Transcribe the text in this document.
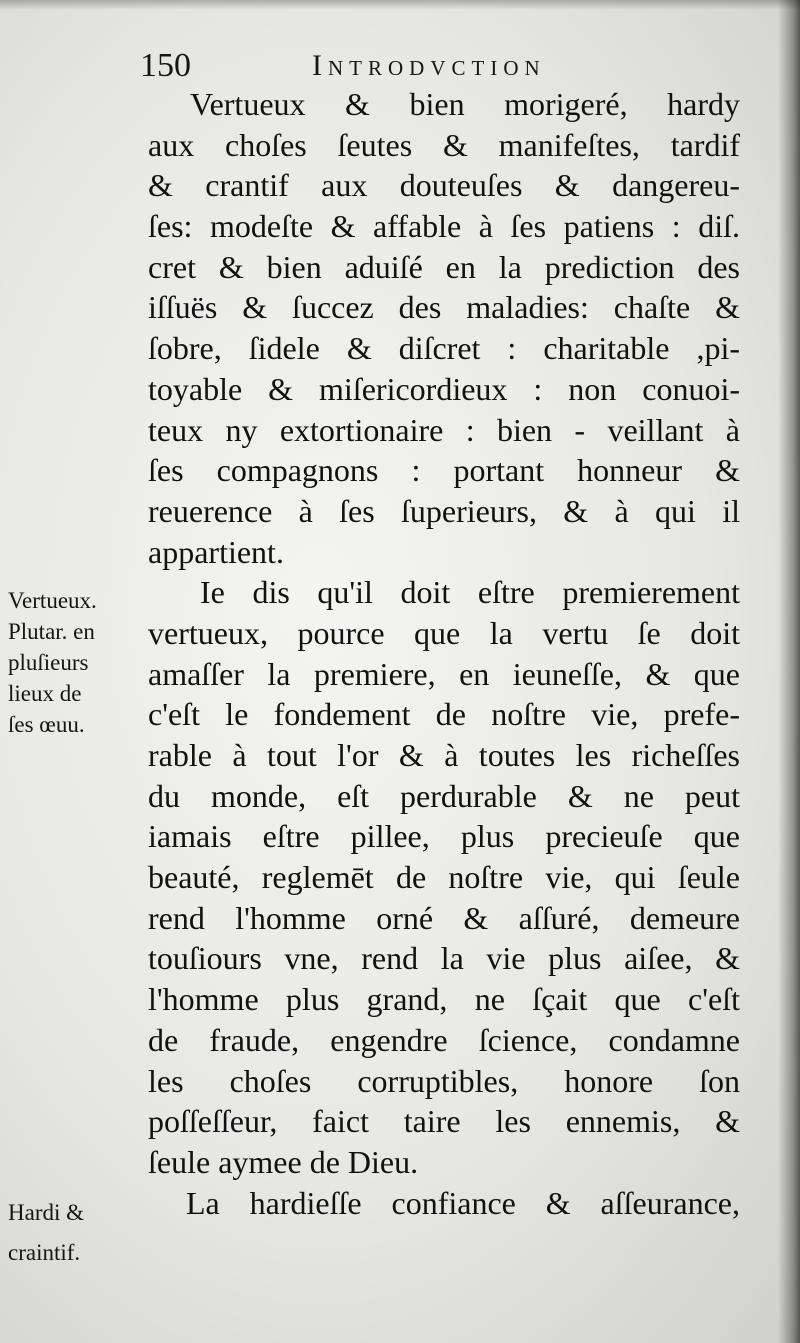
150	Introdvction
Vertueux & bien morigeré, hardy
aux choſes ſeutes & manifeſtes, tardif
& crantif aux douteuſes & dangereu-
ſes: modeſte & affable à ſes patiens : diſ.
cret & bien aduiſé en la prediction des
iſſuës & ſuccez des maladies: chaſte &
ſobre, ſidele & diſcret : charitable ,pi-
toyable & miſericordieux : non conuoi-
teux ny extortionaire : bien - veillant à
ſes compagnons : portant honneur &
reuerence à ſes ſuperieurs, & à qui il
appartient.
Ie dis qu'il doit eſtre premierement
vertueux, pource que la vertu ſe doit
amaſſer la premiere, en ieuneſſe, & que
c'eſt le fondement de noſtre vie, prefe-
rable à tout l'or & à toutes les richeſſes
du monde, eſt perdurable & ne peut
iamais eſtre pillee, plus precieuſe que
beauté, reglemēt de noſtre vie, qui ſeule
rend l'homme orné & aſſuré, demeure
touſiours vne, rend la vie plus aiſee, &
l'homme plus grand, ne ſçait que c'eſt
de fraude, engendre ſcience, condamne
les choſes corruptibles, honore ſon
poſſeſſeur, faict taire les ennemis, &
ſeule aymee de Dieu.
La hardieſſe confiance & aſſeurance,
Vertueux.
Plutar. en
pluſieurs
lieux de
ſes œuu.
Hardi &
craintif.
